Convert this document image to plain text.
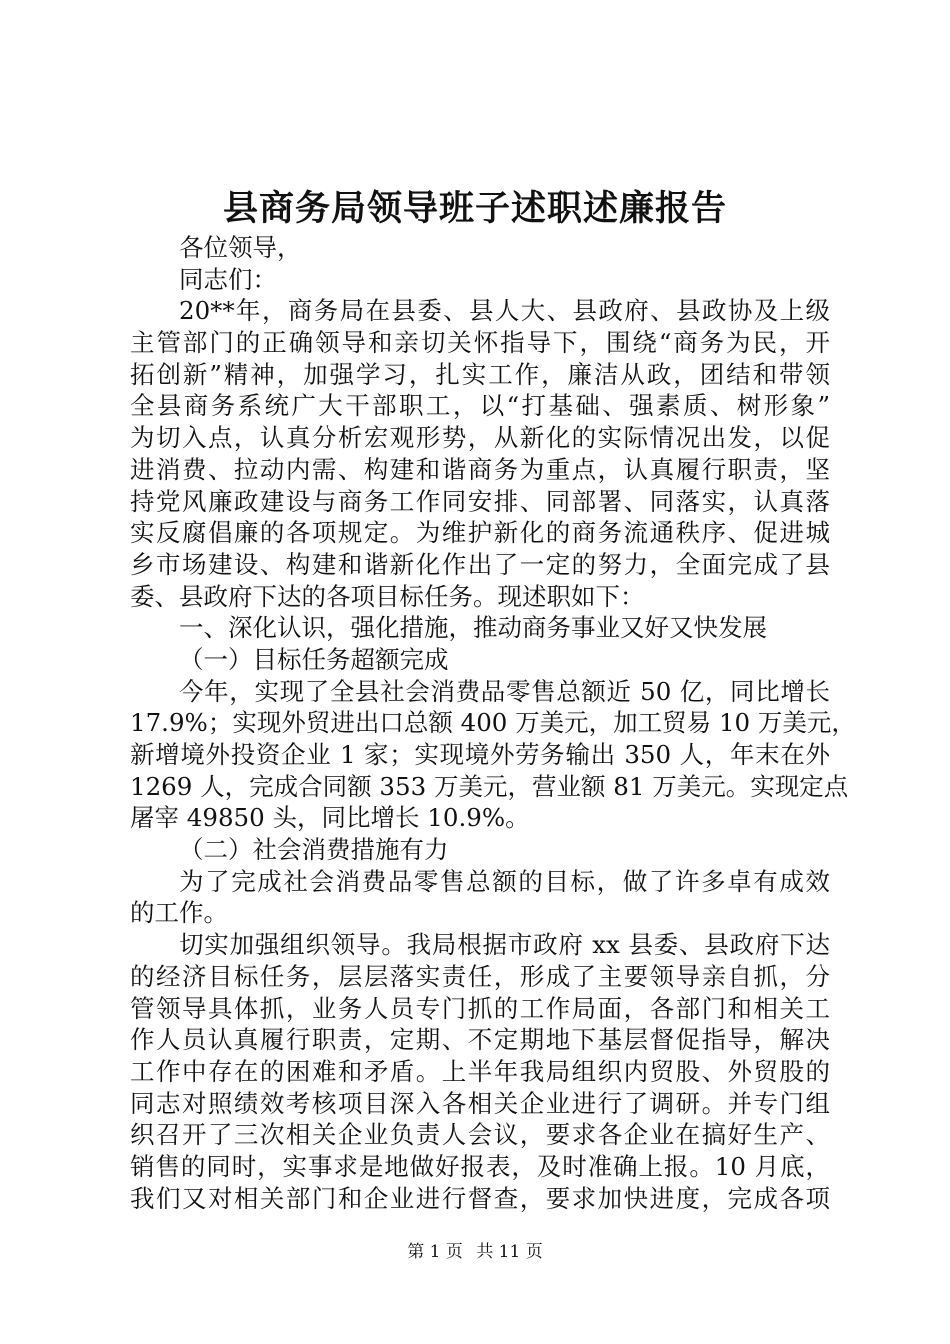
县商务局领导班子述职述廉报告
各位领导，
同志们：
20**年，商务局在县委、县人大、县政府、县政协及上级
主管部门的正确领导和亲切关怀指导下，围绕“商务为民，开
拓创新”精神，加强学习，扎实工作，廉洁从政，团结和带领
全县商务系统广大干部职工，以“打基础、强素质、树形象”
为切入点，认真分析宏观形势，从新化的实际情况出发，以促
进消费、拉动内需、构建和谐商务为重点，认真履行职责，坚
持党风廉政建设与商务工作同安排、同部署、同落实，认真落
实反腐倡廉的各项规定。为维护新化的商务流通秩序、促进城
乡市场建设、构建和谐新化作出了一定的努力，全面完成了县
委、县政府下达的各项目标任务。现述职如下：
一、深化认识，强化措施，推动商务事业又好又快发展
（一）目标任务超额完成
今年，实现了全县社会消费品零售总额近 50 亿，同比增长
17.9%；实现外贸进出口总额 400 万美元，加工贸易 10 万美元，
新增境外投资企业 1 家；实现境外劳务输出 350 人，年末在外
1269 人，完成合同额 353 万美元，营业额 81 万美元。实现定点
屠宰 49850 头，同比增长 10.9%。
（二）社会消费措施有力
为了完成社会消费品零售总额的目标，做了许多卓有成效
的工作。
切实加强组织领导。我局根据市政府 xx 县委、县政府下达
的经济目标任务，层层落实责任，形成了主要领导亲自抓，分
管领导具体抓，业务人员专门抓的工作局面，各部门和相关工
作人员认真履行职责，定期、不定期地下基层督促指导，解决
工作中存在的困难和矛盾。上半年我局组织内贸股、外贸股的
同志对照绩效考核项目深入各相关企业进行了调研。并专门组
织召开了三次相关企业负责人会议，要求各企业在搞好生产、
销售的同时，实事求是地做好报表，及时准确上报。10 月底，
我们又对相关部门和企业进行督查，要求加快进度，完成各项
第 1 页 共 11 页
